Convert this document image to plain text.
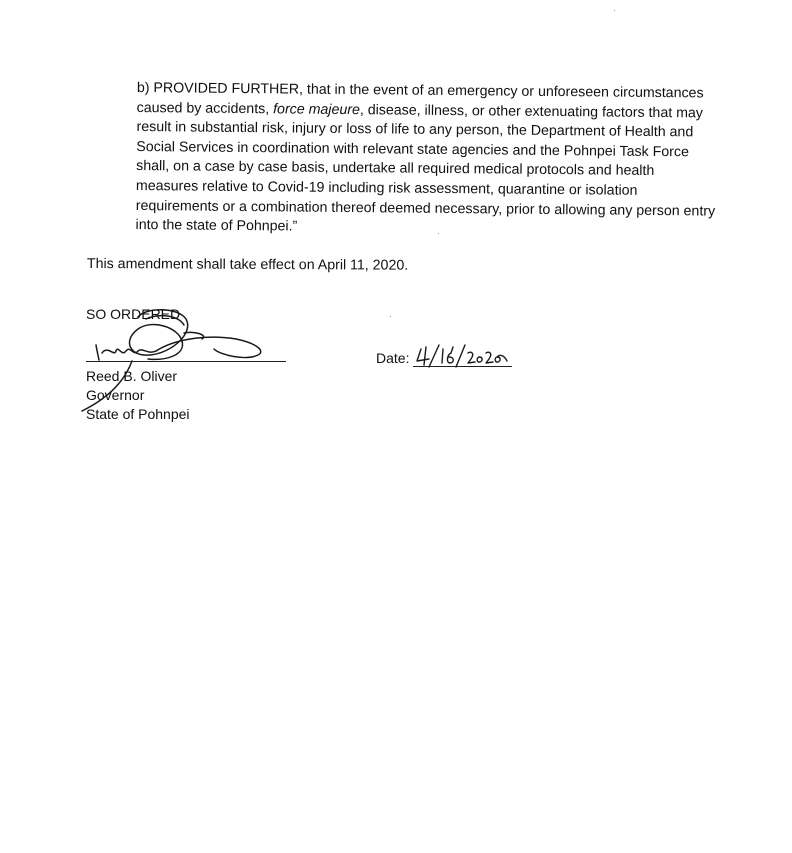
b) PROVIDED FURTHER, that in the event of an emergency or unforeseen circumstances caused by accidents, force majeure, disease, illness, or other extenuating factors that may result in substantial risk, injury or loss of life to any person, the Department of Health and Social Services in coordination with relevant state agencies and the Pohnpei Task Force shall, on a case by case basis, undertake all required medical protocols and health measures relative to Covid-19 including risk assessment, quarantine or isolation requirements or a combination thereof deemed necessary, prior to allowing any person entry into the state of Pohnpei.”

This amendment shall take effect on April 11, 2020.

SO ORDERED
Reed B. Oliver
Governor
State of Pohnpei
Date:
